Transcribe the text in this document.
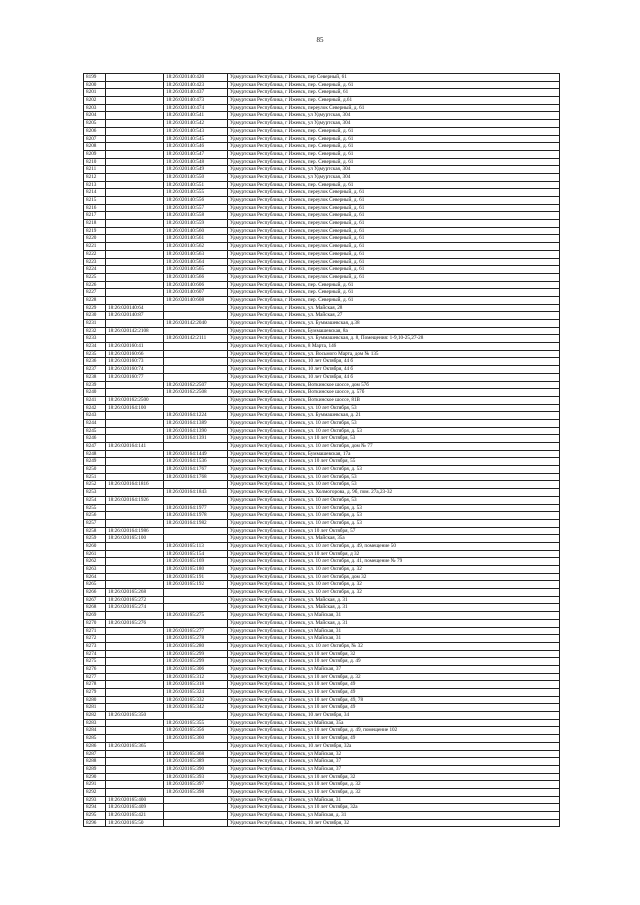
85
8199		18:26:020140:420	Удмуртская Республика, г Ижевск, пер Северный, 61
8200		18:26:020140:423	Удмуртская Республика, г Ижевск, пер. Северный, д. 61
8201		18:26:020140:437	Удмуртская Республика, г Ижевск, пер. Северный, 61
8202		18:26:020140:473	Удмуртская Республика, г Ижевск, пер. Северный, д.61
8203		18:26:020140:474	Удмуртская Республика, г Ижевск, переулок Северный, д. 61
8204		18:26:020140:541	Удмуртская Республика, г Ижевск, ул Удмуртская, 304
8205		18:26:020140:542	Удмуртская Республика, г Ижевск, ул Удмуртская, 304
8206		18:26:020140:543	Удмуртская Республика, г Ижевск, пер. Северный, д. 61
8207		18:26:020140:545	Удмуртская Республика, г Ижевск, пер. Северный, д. 61
8208		18:26:020140:546	Удмуртская Республика, г Ижевск, пер. Северный, д. 61
8209		18:26:020140:547	Удмуртская Республика, г Ижевск, пер. Северный, д. 61
8210		18:26:020140:548	Удмуртская Республика, г Ижевск, пер. Северный, д. 61
8211		18:26:020140:549	Удмуртская Республика, г Ижевск, ул Удмуртская, 304
8212		18:26:020140:550	Удмуртская Республика, г Ижевск, ул Удмуртская, 304
8213		18:26:020140:551	Удмуртская Республика, г Ижевск, пер. Северный, д. 61
8214		18:26:020140:555	Удмуртская Республика, г Ижевск, переулок Северный, д. 61
8215		18:26:020140:556	Удмуртская Республика, г Ижевск, переулок Северный, д. 61
8216		18:26:020140:557	Удмуртская Республика, г Ижевск, переулок Северный, д. 61
8217		18:26:020140:558	Удмуртская Республика, г Ижевск, переулок Северный, д. 61
8218		18:26:020140:559	Удмуртская Республика, г Ижевск, переулок Северный, д. 61
8219		18:26:020140:560	Удмуртская Республика, г Ижевск, переулок Северный, д. 61
8220		18:26:020140:561	Удмуртская Республика, г Ижевск, переулок Северный, д. 61
8221		18:26:020140:562	Удмуртская Республика, г Ижевск, переулок Северный, д. 61
8222		18:26:020140:563	Удмуртская Республика, г Ижевск, переулок Северный, д. 61
8223		18:26:020140:564	Удмуртская Республика, г Ижевск, переулок Северный, д. 61
8224		18:26:020140:565	Удмуртская Республика, г Ижевск, переулок Северный, д. 61
8225		18:26:020140:566	Удмуртская Республика, г Ижевск, переулок Северный, д. 61
8226		18:26:020140:606	Удмуртская Республика, г Ижевск, пер. Северный, д. 61
8227		18:26:020140:607	Удмуртская Республика, г Ижевск, пер. Северный, д. 61
8228		18:26:020140:608	Удмуртская Республика, г Ижевск, пер. Северный, д. 61
8229	18:26:020140:64		Удмуртская Республика, г Ижевск, ул. Майская, 28
8230	18:26:020140:87		Удмуртская Республика, г Ижевск, ул. Майская, 27
8231		18:26:020142:2040	Удмуртская Республика, г Ижевск, ул. Буммашевская, д.38
8232	18:26:020142:2108		Удмуртская Республика, г Ижевск, Буммашевская, 8а
8233		18:26:020142:2111	Удмуртская Республика, г Ижевск, ул. Буммашевская, д. 8, Помещения: 1-9,10-25,27-28
8234	18:26:020160:41		Удмуртская Республика, г Ижевск, 8 Марта, 146
8235	18:26:020160:66		Удмуртская Республика, г Ижевск, ул. Восьмого Марта, дом № 135
8236	18:26:020160:73		Удмуртская Республика, г Ижевск, 10 лет Октября, 44 б
8237	18:26:020160:74		Удмуртская Республика, г Ижевск, 10 лет Октября, 44 б
8238	18:26:020160:77		Удмуртская Республика, г Ижевск, 10 лет Октября, 44 б
8239		18:26:020162:2507	Удмуртская Республика, г Ижевск, Воткинское шоссе, дом 57б
8240		18:26:020162:2508	Удмуртская Республика, г Ижевск, Воткинское шоссе, д. 57б
8241	18:26:020162:2500		Удмуртская Республика, г Ижевск, Воткинское шоссе, 81В
8242	18:26:020164:100		Удмуртская Республика, г Ижевск, ул. 10 лет Октября, 53
8243		18:26:020164:1224	Удмуртская Республика, г Ижевск, ул. Буммашевская, д. 21
8244		18:26:020164:1389	Удмуртская Республика, г Ижевск, ул. 10 лет Октября, 53
8245		18:26:020164:1390	Удмуртская Республика, г Ижевск, ул. 10 лет Октября, д. 53
8246		18:26:020164:1391	Удмуртская Республика, г Ижевск, ул 10 лет Октября, 53
8247	18:26:020164:141		Удмуртская Республика, г Ижевск, ул. 10 лет Октября, дом № 77
8248		18:26:020164:1449	Удмуртская Республика, г Ижевск, Буммашевская, 17а
8249		18:26:020164:1536	Удмуртская Республика, г Ижевск, ул 10 лет Октября, 55
8250		18:26:020164:1767	Удмуртская Республика, г Ижевск, ул. 10 лет Октября, д. 53
8251		18:26:020164:1768	Удмуртская Республика, г Ижевск, ул. 10 лет Октября, 53
8252	18:26:020164:1816		Удмуртская Республика, г Ижевск, ул. 10 лет Октября, 53
8253		18:26:020164:1843	Удмуртская Республика, г Ижевск, ул. Холмогорова, д. 9б, пом. 27а,23-32
8254	18:26:020164:1926		Удмуртская Республика, г Ижевск, ул. 10 лет Октября, 53
8255		18:26:020164:1977	Удмуртская Республика, г Ижевск, ул. 10 лет Октября, д. 53
8256		18:26:020164:1978	Удмуртская Республика, г Ижевск, ул. 10 лет Октября, д. 53
8257		18:26:020164:1982	Удмуртская Республика, г Ижевск, ул. 10 лет Октября, д. 53
8258	18:26:020164:1986		Удмуртская Республика, г Ижевск, ул 10 лет Октября, 57
8259	18:26:020165:100		Удмуртская Республика, г Ижевск, ул. Майская, 35а
8260		18:26:020165:113	Удмуртская Республика, г Ижевск, ул. 10 лет Октября, д. 49, помещение 50
8261		18:26:020165:154	Удмуртская Республика, г Ижевск, ул 10 лет Октября, д 32
8262		18:26:020165:169	Удмуртская Республика, г Ижевск, ул. 10 лет Октября, д. 41, помещение № 79
8263		18:26:020165:180	Удмуртская Республика, г Ижевск, ул. 10 лет Октября, д. 32
8264		18:26:020165:191	Удмуртская Республика, г Ижевск, ул. 10 лет Октября, дом 32
8265		18:26:020165:192	Удмуртская Республика, г Ижевск, ул. 10 лет Октября, д. 32
8266	18:26:020165:268		Удмуртская Республика, г Ижевск, ул. 10 лет Октября, д. 32
8267	18:26:020165:272		Удмуртская Республика, г Ижевск, ул. Майская, д. 31
8268	18:26:020165:274		Удмуртская Республика, г Ижевск, ул. Майская, д. 31
8269		18:26:020165:275	Удмуртская Республика, г Ижевск, ул Майская, 31
8270	18:26:020165:276		Удмуртская Республика, г Ижевск, ул. Майская, д. 31
8271		18:26:020165:277	Удмуртская Республика, г Ижевск, ул Майская, 31
8272		18:26:020165:278	Удмуртская Республика, г Ижевск, ул Майская, 31
8273		18:26:020165:280	Удмуртская Республика, г Ижевск, ул. 10 лет Октября, № 32
8274		18:26:020165:299	Удмуртская Республика, г Ижевск, ул 10 лет Октября, 32
8275		18:26:020165:299	Удмуртская Республика, г Ижевск, ул 10 лет Октября, д. 49
8276		18:26:020165:306	Удмуртская Республика, г Ижевск, ул Майская, 37
8277		18:26:020165:312	Удмуртская Республика, г Ижевск, ул 10 лет Октября, д. 32
8278		18:26:020165:318	Удмуртская Республика, г Ижевск, ул 10 лет Октября, 49
8279		18:26:020165:324	Удмуртская Республика, г Ижевск, ул 10 лет Октября, 49
8280		18:26:020165:332	Удмуртская Республика, г Ижевск, ул 10 лет Октября, 49, 78
8281		18:26:020165:342	Удмуртская Республика, г Ижевск, ул 10 лет Октября, 49
8282	18:26:020165:350		Удмуртская Республика, г Ижевск, 10 лет Октября, 34
8283		18:26:020165:355	Удмуртская Республика, г Ижевск, ул Майская, 35а
8284		18:26:020165:356	Удмуртская Республика, г Ижевск, ул 10 лет Октября, д. 49, помещение 102
8285		18:26:020165:360	Удмуртская Республика, г Ижевск, ул 10 лет Октября, 49
8286	18:26:020165:365		Удмуртская Республика, г Ижевск, 10 лет Октября, 32а
8287		18:26:020165:368	Удмуртская Республика, г Ижевск, ул Майская, 32
8288		18:26:020165:389	Удмуртская Республика, г Ижевск, ул Майская, 37
8289		18:26:020165:390	Удмуртская Республика, г Ижевск, ул Майская, 37
8290		18:26:020165:393	Удмуртская Республика, г Ижевск, ул 10 лет Октября, 32
8291		18:26:020165:397	Удмуртская Республика, г Ижевск, ул 10 лет Октября, д. 32
8292		18:26:020165:398	Удмуртская Республика, г Ижевск, ул 10 лет Октября, д. 32
8293	18:26:020165:400		Удмуртская Республика, г Ижевск, ул Майская, 31
8294	18:26:020165:409		Удмуртская Республика, г Ижевск, ул 10 лет Октября, 32а
8295	18:26:020165:421		Удмуртская Республика, г Ижевск, ул Майская, д. 31
8296	18:26:020165:50		Удмуртская Республика, г Ижевск, 10 лет Октября, 32
